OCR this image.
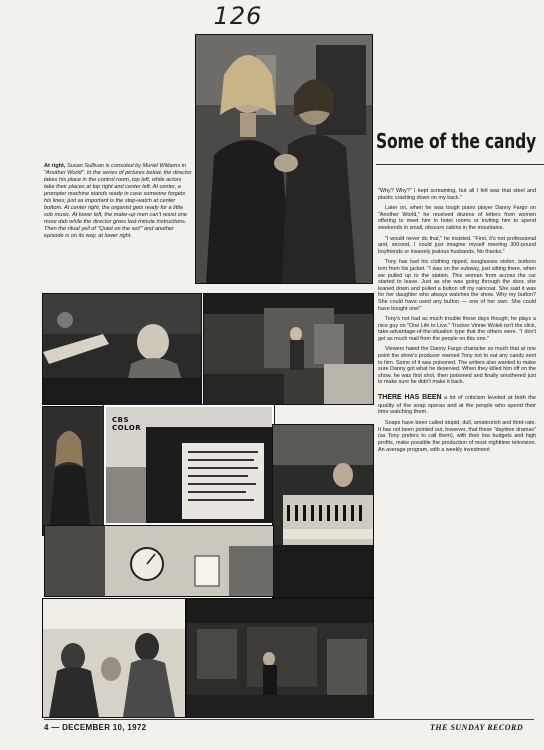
126
At right, Susan Sullivan is consoled by Muriel Williams in "Another World". In the series of pictures below, the director takes his place in the control room, top left, while actors take their places at top right and center left. At center, a prompter machine stands ready in case someone forgets his lines; just as important is the stop-watch at center bottom. At center right, the organist gets ready for a little sob music. At lower left, the make-up men can't resist one more dab while the director gives last-minute instructions. Then the ritual yell of "Quiet on the set!" and another episode is on its way, at lower right.
Some of the candy
CBS
COLOR

"Why? Why?" I kept screaming, but all I felt was that steel and plastic crashing down on my back."

Later on, when he was tough piano player Danny Fargo on "Another World," he received dozens of letters from women offering to meet him in hotel rooms or inviting him to spend weekends in small, obscure cabins in the mountains.

"I would never do that," he insisted. "First, it's not professional and, second, I could just imagine myself meeting 300-pound boyfriends or insanely jealous husbands. No thanks."

Tony has had his clothing ripped, sunglasses stolen, buttons torn from his jacket. "I was on the subway, just sitting there, when we pulled up to the station. This woman from across the car started to leave. Just as she was going through the door, she leaned down and pulled a button off my raincoat. She said it was for her daughter who always watches the show. Why my button? She could have used any button — one of her own. She could have bought one!"

Tony's not had as much trouble these days though; he plays a nice guy on "One Life to Live." Trucker Vinnie Wolek isn't the slick, take-advantage-of-the-situation type that the others were. "I don't get as much mail from the people on this one."

Viewers hated the Danny Fargo character so much that at one point the show's producer warned Tony not to eat any candy sent to him. Some of it was poisoned. The writers also wanted to make sure Danny got what he deserved. When they killed him off on the show, he was first shot, then poisoned and finally smothered just to make sure he didn't make it back.

THERE HAS BEEN a lot of criticism leveled at both the quality of the soap operas and at the people who spend their time watching them.

Soaps have been called stupid, dull, amateurish and third-rate. It has not been pointed out, however, that these "daytime dramas" (as Tony prefers to call them), with their low budgets and high profits, make possible the production of most nighttime television. An average program, with a weekly investment

4 — DECEMBER 10, 1972	THE SUNDAY RECORD
